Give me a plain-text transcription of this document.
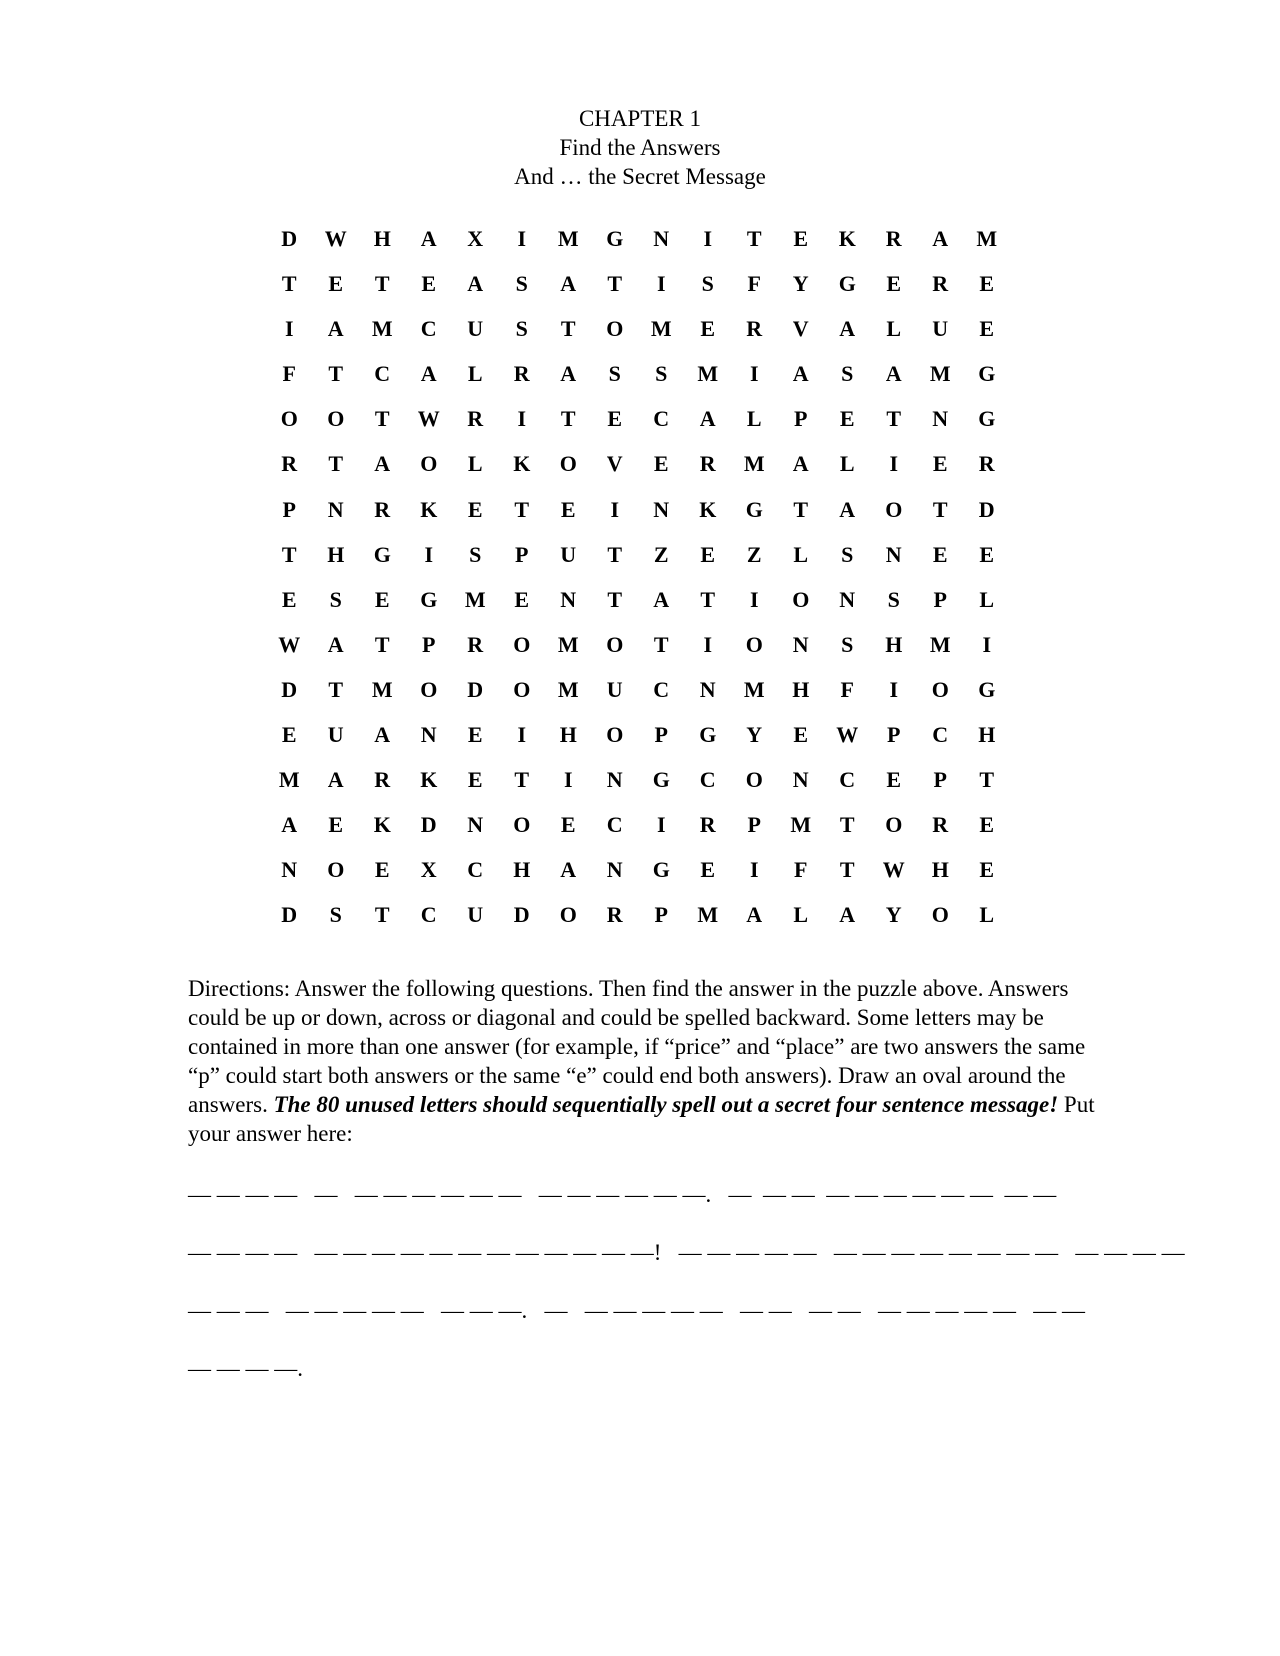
CHAPTER 1
Find the Answers
And … the Secret Message
D	W	H	A	X	I	M	G	N	I	T	E	K	R	A	M
T	E	T	E	A	S	A	T	I	S	F	Y	G	E	R	E
I	A	M	C	U	S	T	O	M	E	R	V	A	L	U	E
F	T	C	A	L	R	A	S	S	M	I	A	S	A	M	G
O	O	T	W	R	I	T	E	C	A	L	P	E	T	N	G
R	T	A	O	L	K	O	V	E	R	M	A	L	I	E	R
P	N	R	K	E	T	E	I	N	K	G	T	A	O	T	D
T	H	G	I	S	P	U	T	Z	E	Z	L	S	N	E	E
E	S	E	G	M	E	N	T	A	T	I	O	N	S	P	L
W	A	T	P	R	O	M	O	T	I	O	N	S	H	M	I
D	T	M	O	D	O	M	U	C	N	M	H	F	I	O	G
E	U	A	N	E	I	H	O	P	G	Y	E	W	P	C	H
M	A	R	K	E	T	I	N	G	C	O	N	C	E	P	T
A	E	K	D	N	O	E	C	I	R	P	M	T	O	R	E
N	O	E	X	C	H	A	N	G	E	I	F	T	W	H	E
D	S	T	C	U	D	O	R	P	M	A	L	A	Y	O	L
Directions: Answer the following questions. Then find the answer in the puzzle above. Answers could be up or down, across or diagonal and could be spelled backward. Some letters may be contained in more than one answer (for example, if “price” and “place” are two answers the same “p” could start both answers or the same “e” could end both answers). Draw an oval around the answers. The 80 unused letters should sequentially spell out a secret four sentence message! Put your answer here:
— — — —   —   — — — — — —   — — — — — —.   —  — —  — — — — — —  — —
— — — —   — — — — — — — — — — — —!   — — — — —   — — — — — — — —   — — — —
— — —   — — — — —   — — —.   —   — — — — —   — —   — —   — — — — —   — —
— — — —.
